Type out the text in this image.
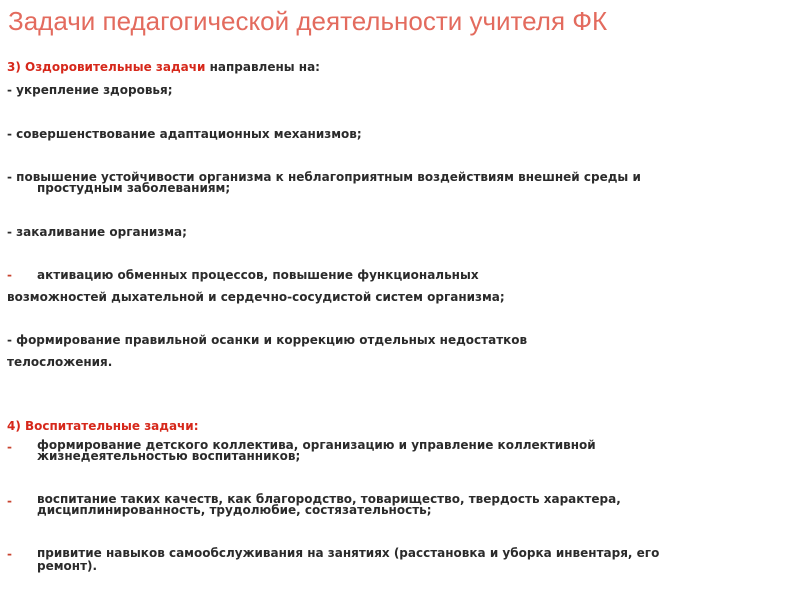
Задачи педагогической деятельности учителя ФК
3) Оздоровительные задачи направлены на:
- укрепление здоровья;
- совершенствование адаптационных механизмов;
- повышение устойчивости организма к неблагоприятным воздействиям внешней среды и
простудным заболеваниям;
- закаливание организма;
- активацию обменных процессов, повышение функциональных
возможностей дыхательной и сердечно-сосудистой систем организма;
- формирование правильной осанки и коррекцию отдельных недостатков
телосложения.
4) Воспитательные задачи:
- формирование детского коллектива, организацию и управление коллективной
жизнедеятельностью воспитанников;
- воспитание таких качеств, как благородство, товарищество, твердость характера,
дисциплинированность, трудолюбие, состязательность;
- привитие навыков самообслуживания на занятиях (расстановка и уборка инвентаря, его
ремонт).
